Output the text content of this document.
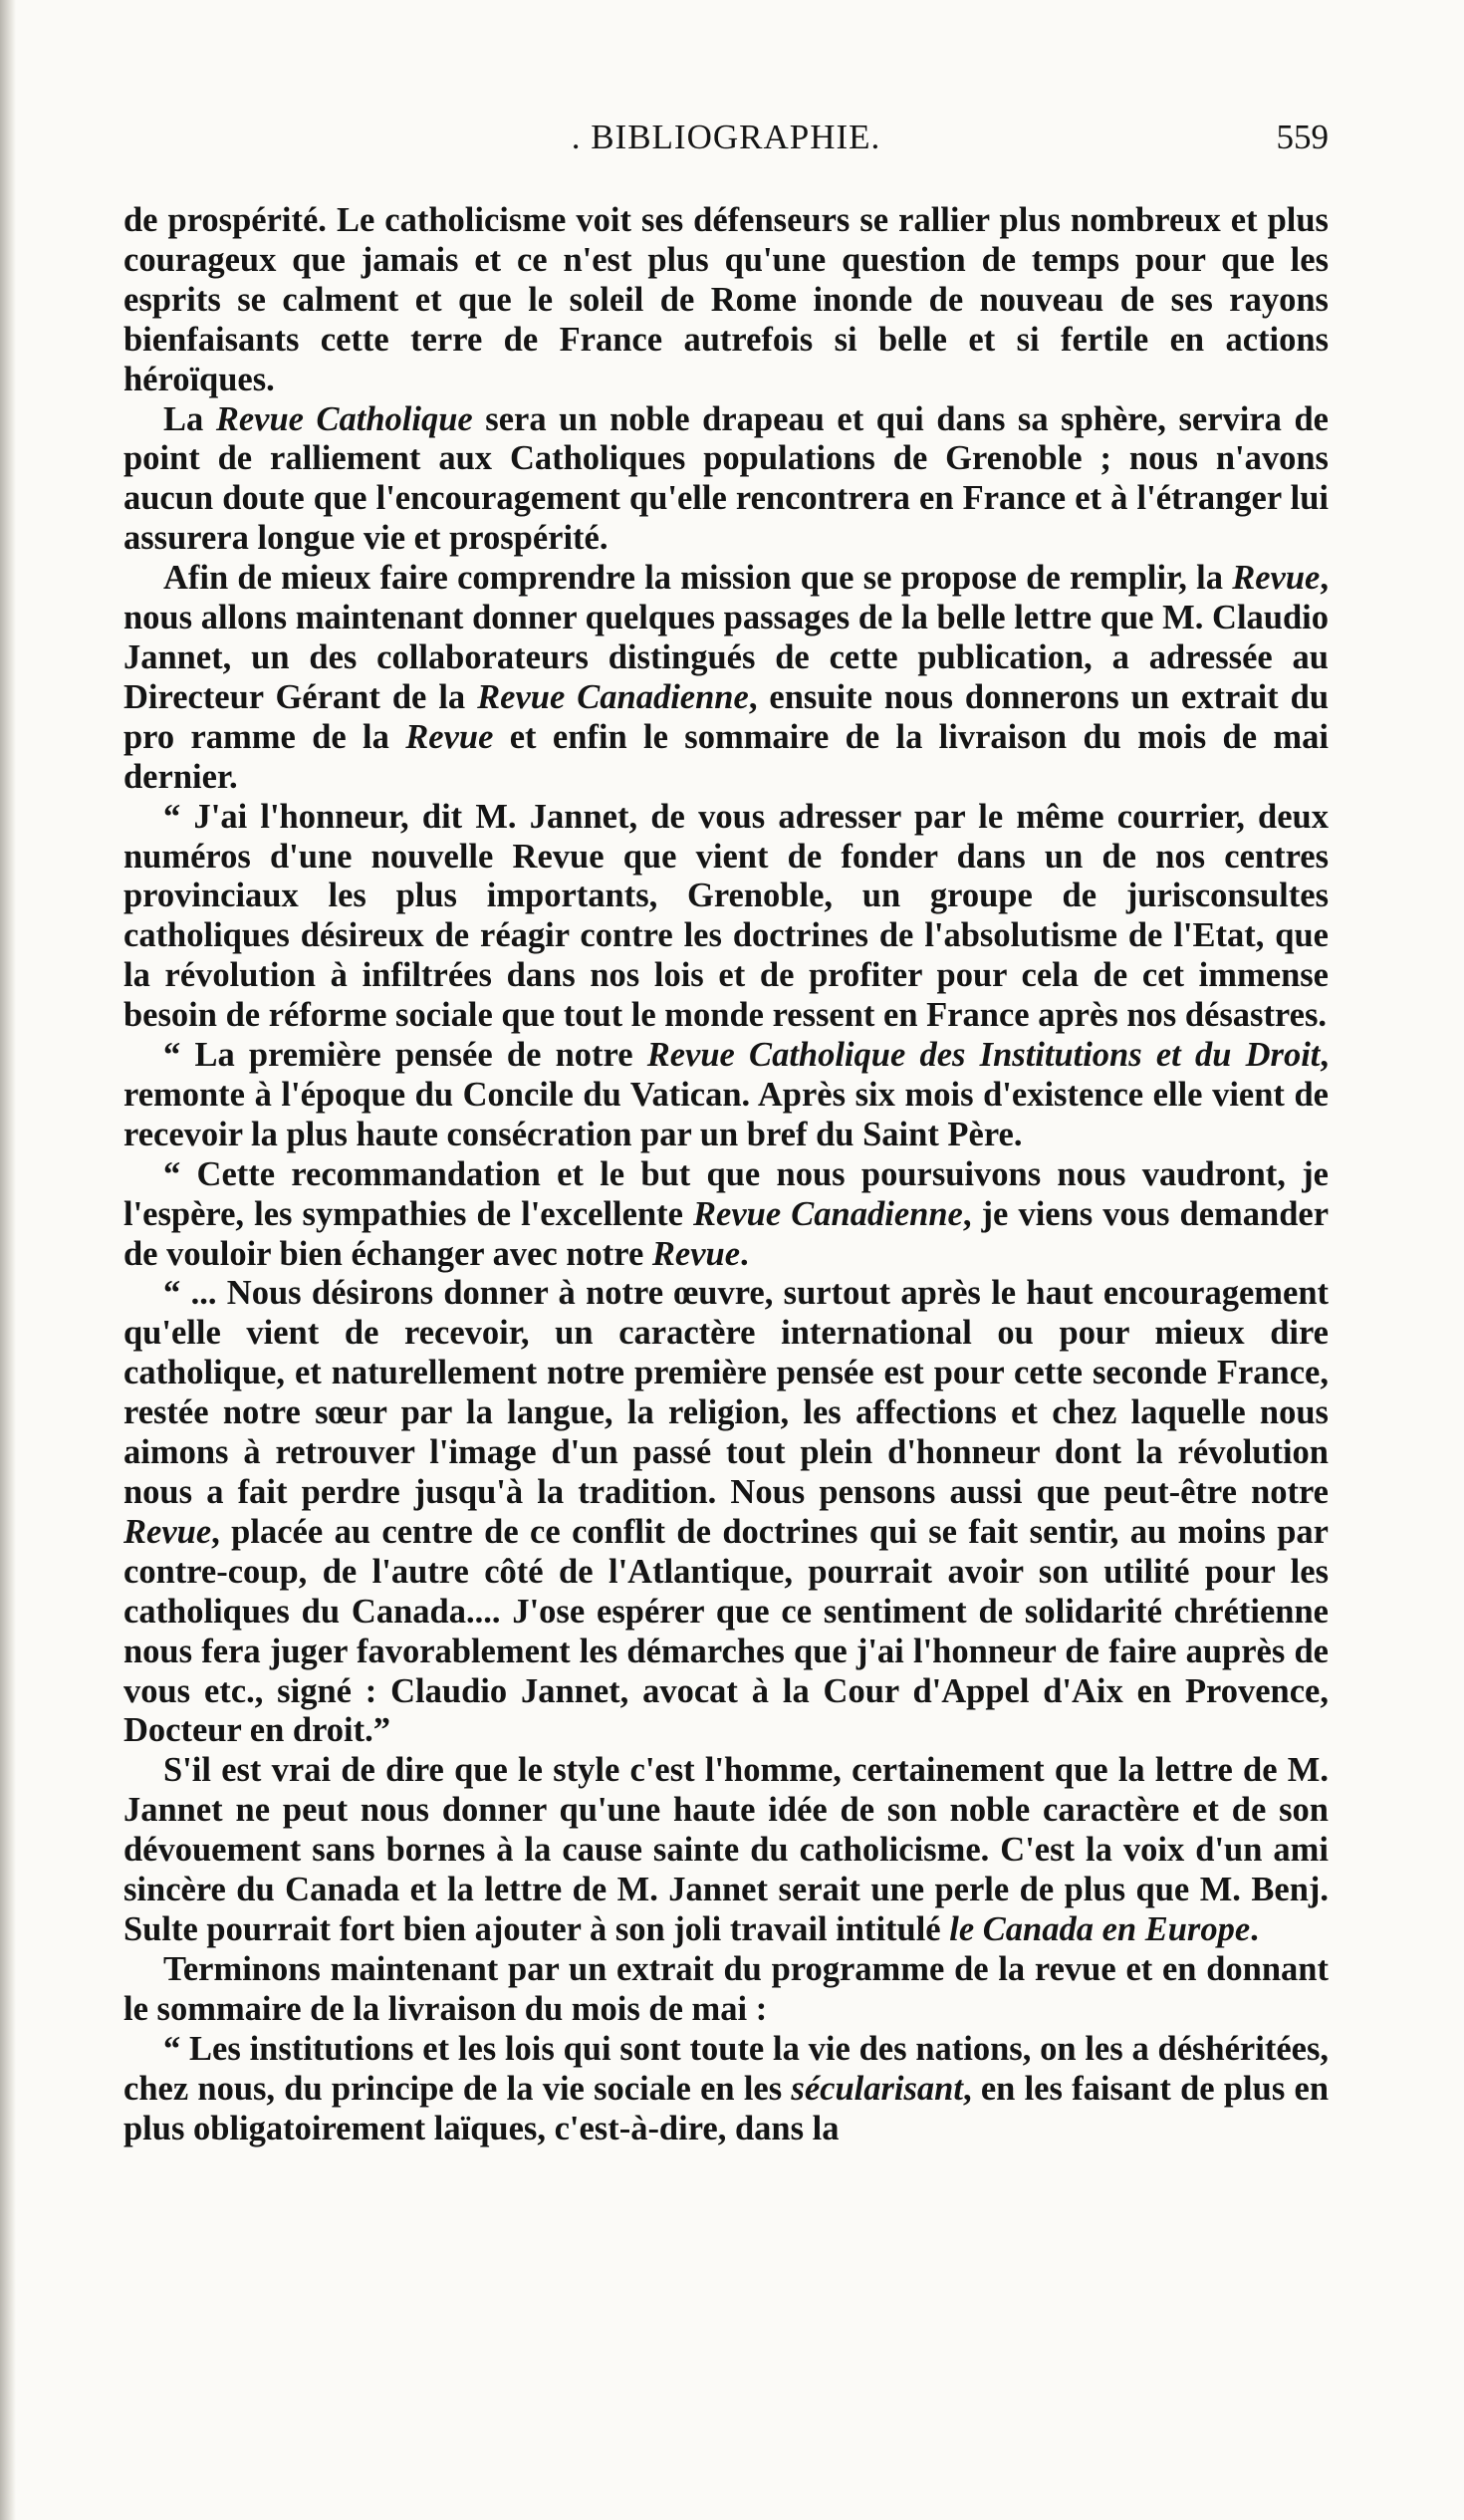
. BIBLIOGRAPHIE.	559

de prospérité. Le catholicisme voit ses défenseurs se rallier plus nombreux et plus courageux que jamais et ce n'est plus qu'une question de temps pour que les esprits se calment et que le soleil de Rome inonde de nouveau de ses rayons bienfaisants cette terre de France autrefois si belle et si fertile en actions héroïques.

La Revue Catholique sera un noble drapeau et qui dans sa sphère, servira de point de ralliement aux Catholiques populations de Grenoble ; nous n'avons aucun doute que l'encouragement qu'elle rencontrera en France et à l'étranger lui assurera longue vie et prospérité.

Afin de mieux faire comprendre la mission que se propose de remplir, la Revue, nous allons maintenant donner quelques passages de la belle lettre que M. Claudio Jannet, un des collaborateurs distingués de cette publication, a adressée au Directeur Gérant de la Revue Canadienne, ensuite nous donnerons un extrait du pro ramme de la Revue et enfin le sommaire de la livraison du mois de mai dernier.

“ J'ai l'honneur, dit M. Jannet, de vous adresser par le même courrier, deux numéros d'une nouvelle Revue que vient de fonder dans un de nos centres provinciaux les plus importants, Grenoble, un groupe de jurisconsultes catholiques désireux de réagir contre les doctrines de l'absolutisme de l'Etat, que la révolution à infiltrées dans nos lois et de profiter pour cela de cet immense besoin de réforme sociale que tout le monde ressent en France après nos désastres.

“ La première pensée de notre Revue Catholique des Institutions et du Droit, remonte à l'époque du Concile du Vatican. Après six mois d'existence elle vient de recevoir la plus haute consécration par un bref du Saint Père.

“ Cette recommandation et le but que nous poursuivons nous vaudront, je l'espère, les sympathies de l'excellente Revue Canadienne, je viens vous demander de vouloir bien échanger avec notre Revue.

“ ... Nous désirons donner à notre œuvre, surtout après le haut encouragement qu'elle vient de recevoir, un caractère international ou pour mieux dire catholique, et naturellement notre première pensée est pour cette seconde France, restée notre sœur par la langue, la religion, les affections et chez laquelle nous aimons à retrouver l'image d'un passé tout plein d'honneur dont la révolution nous a fait perdre jusqu'à la tradition. Nous pensons aussi que peut-être notre Revue, placée au centre de ce conflit de doctrines qui se fait sentir, au moins par contre-coup, de l'autre côté de l'Atlantique, pourrait avoir son utilité pour les catholiques du Canada.... J'ose espérer que ce sentiment de solidarité chrétienne nous fera juger favorablement les démarches que j'ai l'honneur de faire auprès de vous etc., signé : Claudio Jannet, avocat à la Cour d'Appel d'Aix en Provence, Docteur en droit.”

S'il est vrai de dire que le style c'est l'homme, certainement que la lettre de M. Jannet ne peut nous donner qu'une haute idée de son noble caractère et de son dévouement sans bornes à la cause sainte du catholicisme. C'est la voix d'un ami sincère du Canada et la lettre de M. Jannet serait une perle de plus que M. Benj. Sulte pourrait fort bien ajouter à son joli travail intitulé le Canada en Europe.

Terminons maintenant par un extrait du programme de la revue et en donnant le sommaire de la livraison du mois de mai :

“ Les institutions et les lois qui sont toute la vie des nations, on les a déshéritées, chez nous, du principe de la vie sociale en les sécularisant, en les faisant de plus en plus obligatoirement laïques, c'est-à-dire, dans la
